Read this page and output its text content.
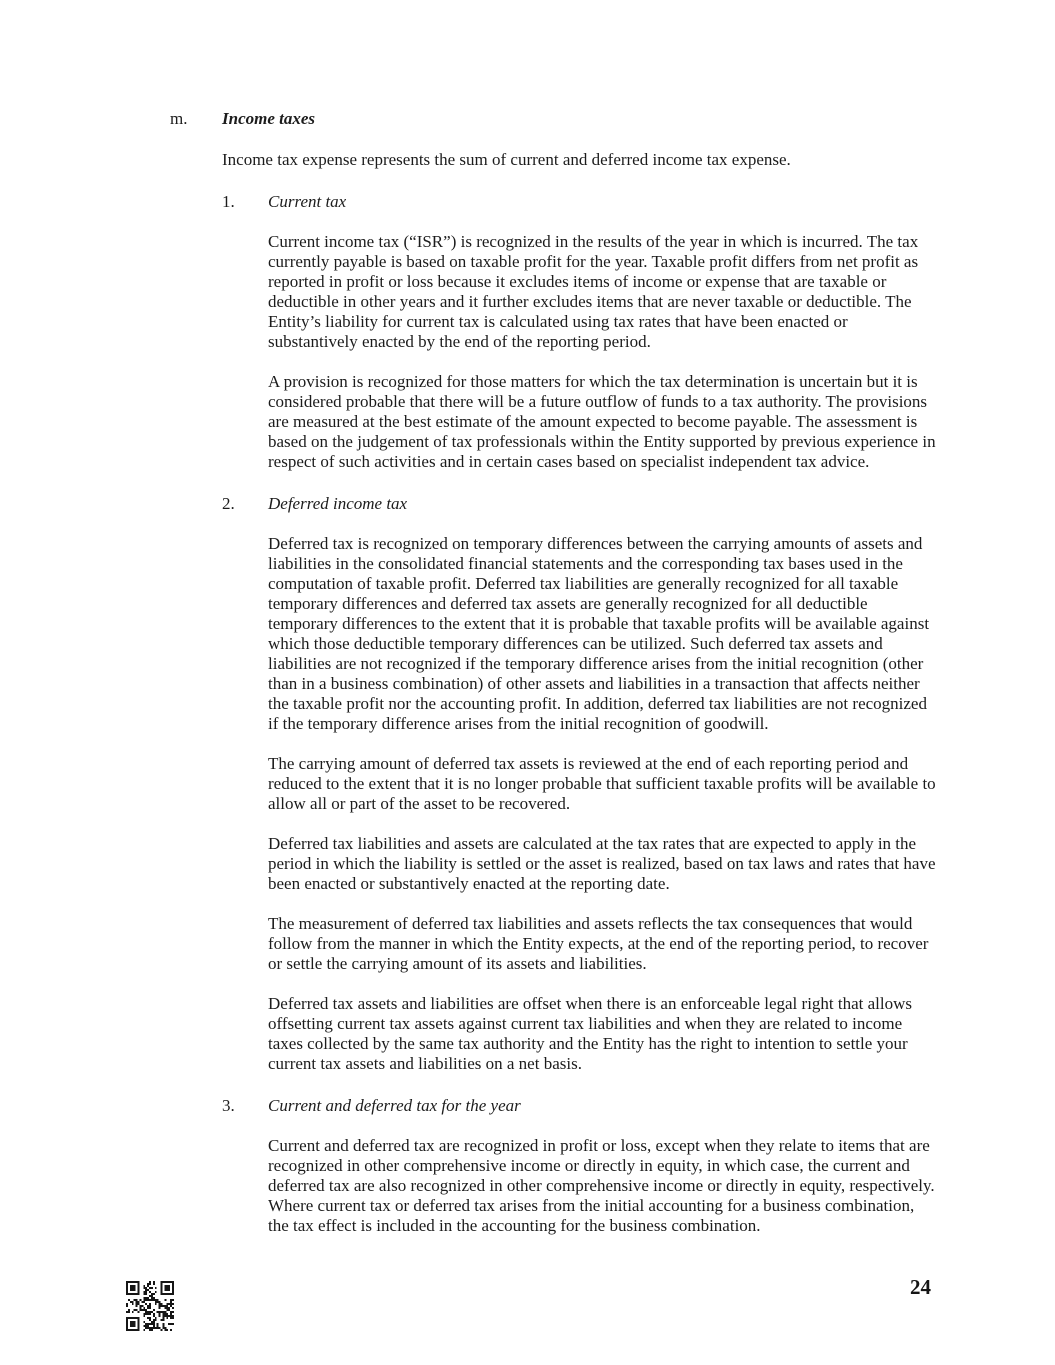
m.	Income taxes

Income tax expense represents the sum of current and deferred income tax expense.

1.	Current tax

Current income tax (“ISR”) is recognized in the results of the year in which is incurred. The tax currently payable is based on taxable profit for the year. Taxable profit differs from net profit as reported in profit or loss because it excludes items of income or expense that are taxable or deductible in other years and it further excludes items that are never taxable or deductible. The Entity’s liability for current tax is calculated using tax rates that have been enacted or substantively enacted by the end of the reporting period.

A provision is recognized for those matters for which the tax determination is uncertain but it is considered probable that there will be a future outflow of funds to a tax authority. The provisions are measured at the best estimate of the amount expected to become payable. The assessment is based on the judgement of tax professionals within the Entity supported by previous experience in respect of such activities and in certain cases based on specialist independent tax advice.

2.	Deferred income tax

Deferred tax is recognized on temporary differences between the carrying amounts of assets and liabilities in the consolidated financial statements and the corresponding tax bases used in the computation of taxable profit. Deferred tax liabilities are generally recognized for all taxable temporary differences and deferred tax assets are generally recognized for all deductible temporary differences to the extent that it is probable that taxable profits will be available against which those deductible temporary differences can be utilized. Such deferred tax assets and liabilities are not recognized if the temporary difference arises from the initial recognition (other than in a business combination) of other assets and liabilities in a transaction that affects neither the taxable profit nor the accounting profit. In addition, deferred tax liabilities are not recognized if the temporary difference arises from the initial recognition of goodwill.

The carrying amount of deferred tax assets is reviewed at the end of each reporting period and reduced to the extent that it is no longer probable that sufficient taxable profits will be available to allow all or part of the asset to be recovered.

Deferred tax liabilities and assets are calculated at the tax rates that are expected to apply in the period in which the liability is settled or the asset is realized, based on tax laws and rates that have been enacted or substantively enacted at the reporting date.

The measurement of deferred tax liabilities and assets reflects the tax consequences that would follow from the manner in which the Entity expects, at the end of the reporting period, to recover or settle the carrying amount of its assets and liabilities.

Deferred tax assets and liabilities are offset when there is an enforceable legal right that allows offsetting current tax assets against current tax liabilities and when they are related to income taxes collected by the same tax authority and the Entity has the right to intention to settle your current tax assets and liabilities on a net basis.

3.	Current and deferred tax for the year

Current and deferred tax are recognized in profit or loss, except when they relate to items that are recognized in other comprehensive income or directly in equity, in which case, the current and deferred tax are also recognized in other comprehensive income or directly in equity, respectively. Where current tax or deferred tax arises from the initial accounting for a business combination, the tax effect is included in the accounting for the business combination.

24
